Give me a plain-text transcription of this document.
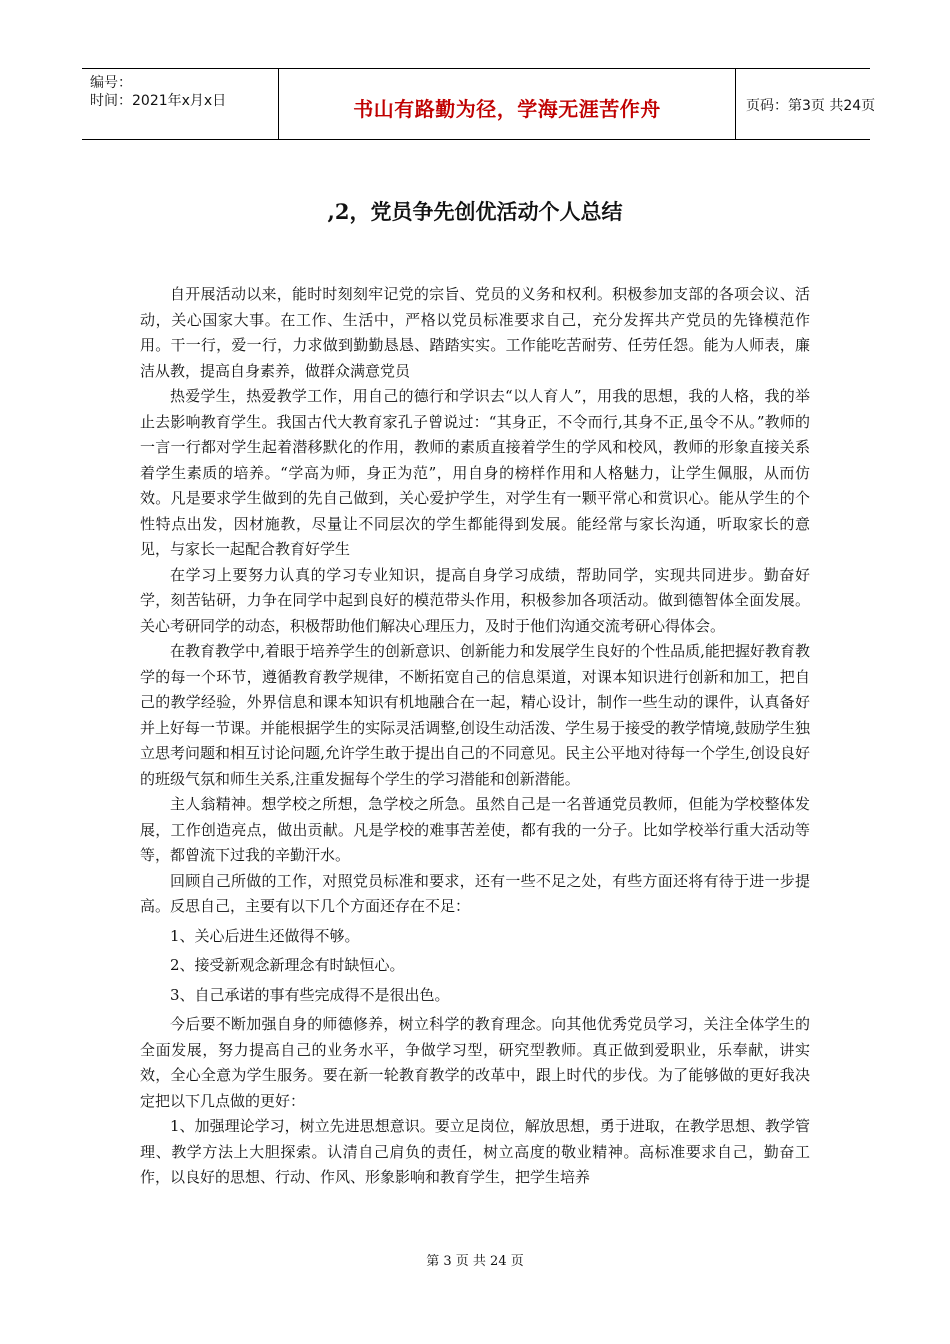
编号：
时间：2021年x月x日	书山有路勤为径，学海无涯苦作舟	页码：第3页 共24页
,2，党员争先创优活动个人总结

自开展活动以来，能时时刻刻牢记党的宗旨、党员的义务和权利。积极参加支部的各项会议、活动，关心国家大事。在工作、生活中，严格以党员标准要求自己，充分发挥共产党员的先锋模范作用。干一行，爱一行，力求做到勤勤恳恳、踏踏实实。工作能吃苦耐劳、任劳任怨。能为人师表，廉洁从教，提高自身素养，做群众满意党员

热爱学生，热爱教学工作，用自己的德行和学识去“以人育人”，用我的思想，我的人格，我的举止去影响教育学生。我国古代大教育家孔子曾说过：“其身正，不令而行,其身不正,虽令不从。”教师的一言一行都对学生起着潜移默化的作用，教师的素质直接着学生的学风和校风，教师的形象直接关系着学生素质的培养。“学高为师，身正为范”，用自身的榜样作用和人格魅力，让学生佩服，从而仿效。凡是要求学生做到的先自己做到，关心爱护学生，对学生有一颗平常心和赏识心。能从学生的个性特点出发，因材施教，尽量让不同层次的学生都能得到发展。能经常与家长沟通，听取家长的意见，与家长一起配合教育好学生

在学习上要努力认真的学习专业知识，提高自身学习成绩，帮助同学，实现共同进步。勤奋好学，刻苦钻研，力争在同学中起到良好的模范带头作用，积极参加各项活动。做到德智体全面发展。关心考研同学的动态，积极帮助他们解决心理压力，及时于他们沟通交流考研心得体会。

在教育教学中,着眼于培养学生的创新意识、创新能力和发展学生良好的个性品质,能把握好教育教学的每一个环节，遵循教育教学规律，不断拓宽自己的信息渠道，对课本知识进行创新和加工，把自己的教学经验，外界信息和课本知识有机地融合在一起，精心设计，制作一些生动的课件，认真备好并上好每一节课。并能根据学生的实际灵活调整,创设生动活泼、学生易于接受的教学情境,鼓励学生独立思考问题和相互讨论问题,允许学生敢于提出自己的不同意见。民主公平地对待每一个学生,创设良好的班级气氛和师生关系,注重发掘每个学生的学习潜能和创新潜能。

主人翁精神。想学校之所想，急学校之所急。虽然自己是一名普通党员教师，但能为学校整体发展，工作创造亮点，做出贡献。凡是学校的难事苦差使，都有我的一分子。比如学校举行重大活动等等，都曾流下过我的辛勤汗水。

回顾自己所做的工作，对照党员标准和要求，还有一些不足之处，有些方面还将有待于进一步提高。反思自己，主要有以下几个方面还存在不足：

1、关心后进生还做得不够。

2、接受新观念新理念有时缺恒心。

3、自己承诺的事有些完成得不是很出色。

今后要不断加强自身的师德修养，树立科学的教育理念。向其他优秀党员学习，关注全体学生的全面发展，努力提高自己的业务水平，争做学习型，研究型教师。真正做到爱职业，乐奉献，讲实效，全心全意为学生服务。要在新一轮教育教学的改革中，跟上时代的步伐。为了能够做的更好我决定把以下几点做的更好：

1、加强理论学习，树立先进思想意识。要立足岗位，解放思想，勇于进取，在教学思想、教学管理、教学方法上大胆探索。认清自己肩负的责任，树立高度的敬业精神。高标准要求自己，勤奋工作，以良好的思想、行动、作风、形象影响和教育学生，把学生培养

第 3 页 共 24 页
